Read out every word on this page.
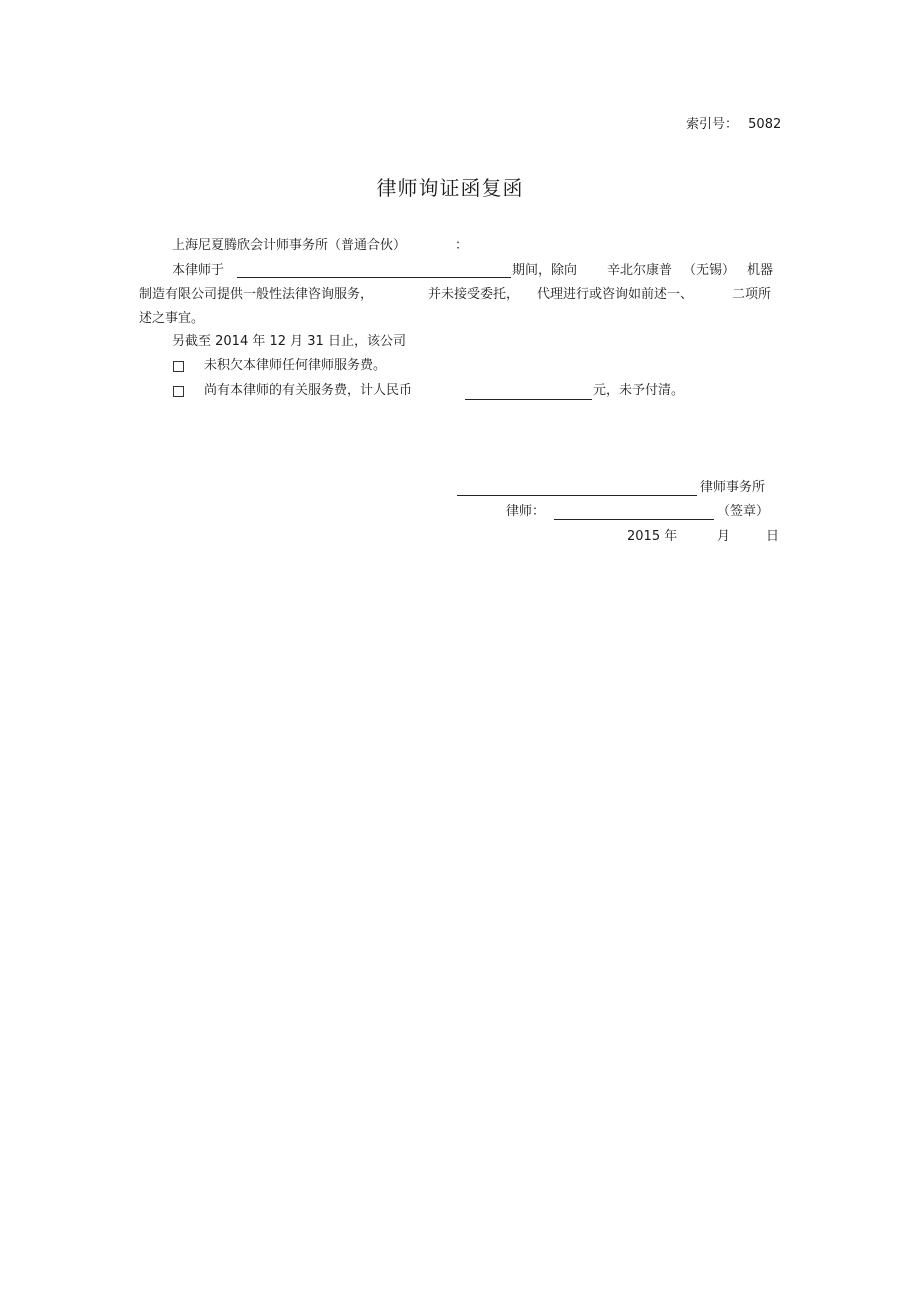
索引号： 5082
律师询证函复函
上海尼夏腾欣会计师事务所（普通合伙）	：
本律师于	期间，除向 辛北尔康普 （无锡） 机器
制造有限公司提供一般性法律咨询服务，	并未接受委托， 代理进行或咨询如前述一、	二项所
述之事宜。
另截至 2014 年 12 月 31 日止，该公司
未积欠本律师任何律师服务费。
尚有本律师的有关服务费，计人民币	元，未予付清。
律师事务所
律师：	（签章）
2015 年	月	日
